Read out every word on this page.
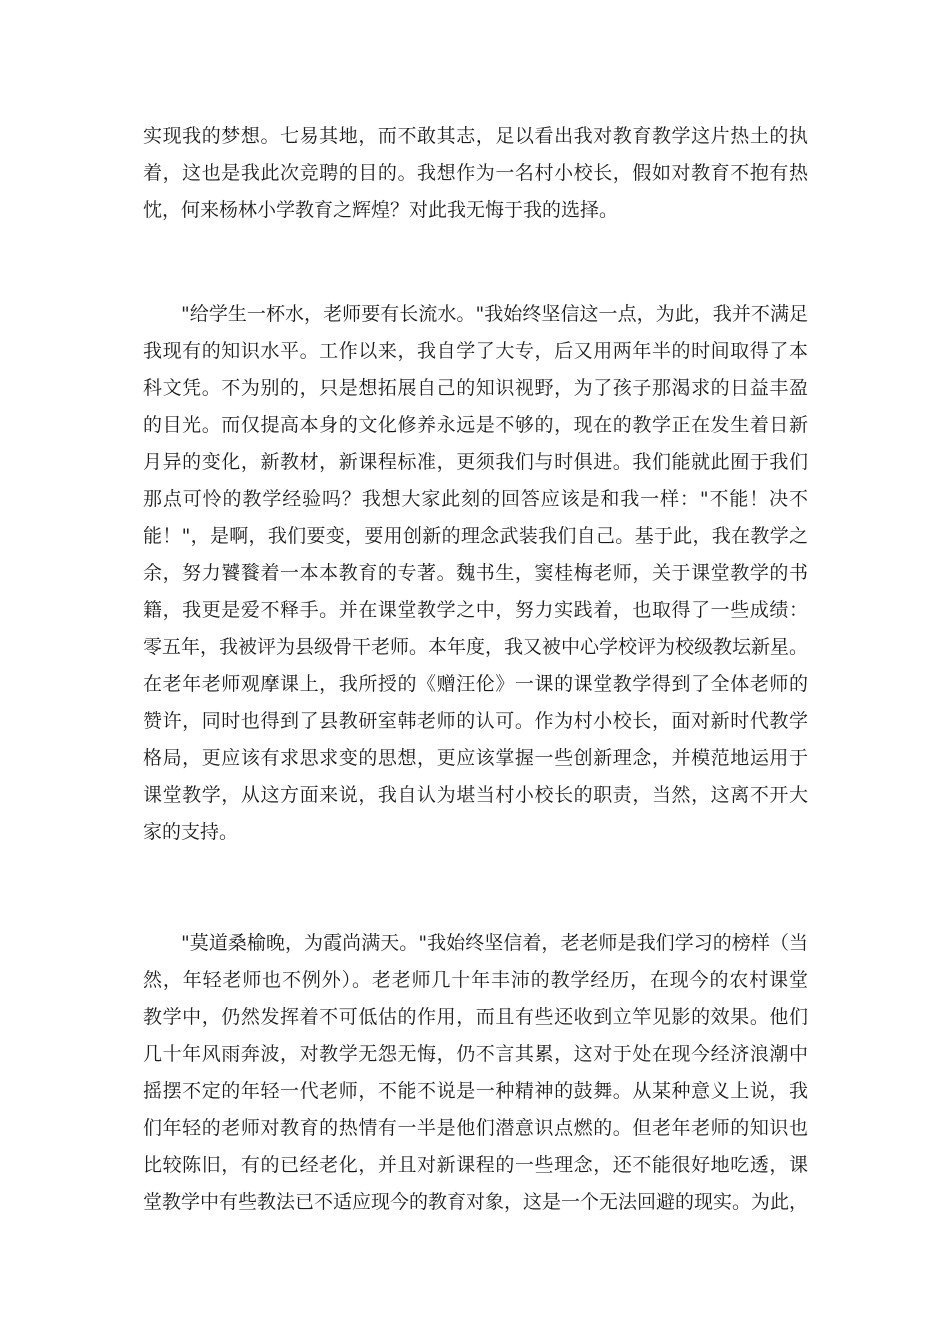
实现我的梦想。七易其地，而不敢其志，足以看出我对教育教学这片热土的执
着，这也是我此次竞聘的目的。我想作为一名村小校长，假如对教育不抱有热
忱，何来杨林小学教育之辉煌？对此我无悔于我的选择。
"给学生一杯水，老师要有长流水。"我始终坚信这一点，为此，我并不满足
我现有的知识水平。工作以来，我自学了大专，后又用两年半的时间取得了本
科文凭。不为别的，只是想拓展自己的知识视野，为了孩子那渴求的日益丰盈
的目光。而仅提高本身的文化修养永远是不够的，现在的教学正在发生着日新
月异的变化，新教材，新课程标准，更须我们与时俱进。我们能就此囿于我们
那点可怜的教学经验吗？我想大家此刻的回答应该是和我一样："不能！决不
能！"，是啊，我们要变，要用创新的理念武装我们自己。基于此，我在教学之
余，努力饕餮着一本本教育的专著。魏书生，窦桂梅老师，关于课堂教学的书
籍，我更是爱不释手。并在课堂教学之中，努力实践着，也取得了一些成绩：
零五年，我被评为县级骨干老师。本年度，我又被中心学校评为校级教坛新星。
在老年老师观摩课上，我所授的《赠汪伦》一课的课堂教学得到了全体老师的
赞许，同时也得到了县教研室韩老师的认可。作为村小校长，面对新时代教学
格局，更应该有求思求变的思想，更应该掌握一些创新理念，并模范地运用于
课堂教学，从这方面来说，我自认为堪当村小校长的职责，当然，这离不开大
家的支持。
"莫道桑榆晚，为霞尚满天。"我始终坚信着，老老师是我们学习的榜样（当
然，年轻老师也不例外）。老老师几十年丰沛的教学经历，在现今的农村课堂
教学中，仍然发挥着不可低估的作用，而且有些还收到立竿见影的效果。他们
几十年风雨奔波，对教学无怨无悔，仍不言其累，这对于处在现今经济浪潮中
摇摆不定的年轻一代老师，不能不说是一种精神的鼓舞。从某种意义上说，我
们年轻的老师对教育的热情有一半是他们潜意识点燃的。但老年老师的知识也
比较陈旧，有的已经老化，并且对新课程的一些理念，还不能很好地吃透，课
堂教学中有些教法已不适应现今的教育对象，这是一个无法回避的现实。为此，
